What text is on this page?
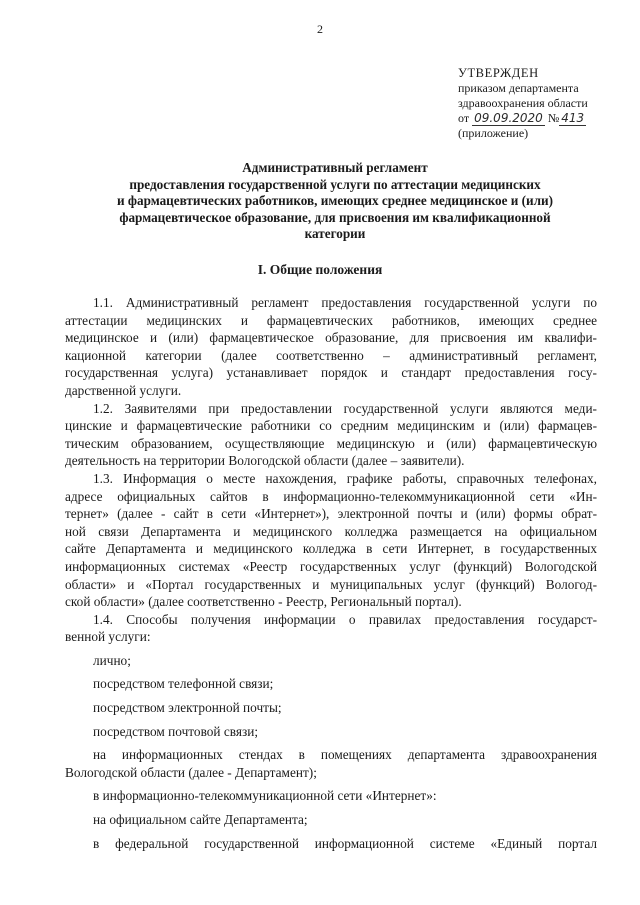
2
УТВЕРЖДЕН
приказом департамента
здравоохранения области
от 09.09.2020 № 413
(приложение)
Административный регламент
предоставления государственной услуги по аттестации медицинских
и фармацевтических работников, имеющих среднее медицинское и (или)
фармацевтическое образование, для присвоения им квалификационной
категории
I. Общие положения
1.1. Административный регламент предоставления государственной услуги по
аттестации медицинских и фармацевтических работников, имеющих среднее
медицинское и (или) фармацевтическое образование, для присвоения им квалифи-
кационной категории (далее соответственно – административный регламент,
государственная услуга) устанавливает порядок и стандарт предоставления госу-
дарственной услуги.
1.2. Заявителями при предоставлении государственной услуги являются меди-
цинские и фармацевтические работники со средним медицинским и (или) фармацев-
тическим образованием, осуществляющие медицинскую и (или) фармацевтическую
деятельность на территории Вологодской области (далее – заявители).
1.3. Информация о месте нахождения, графике работы, справочных телефонах,
адресе официальных сайтов в информационно-телекоммуникационной сети «Ин-
тернет» (далее - сайт в сети «Интернет»), электронной почты и (или) формы обрат-
ной связи Департамента и медицинского колледжа размещается на официальном
сайте Департамента и медицинского колледжа в сети Интернет, в государственных
информационных системах «Реестр государственных услуг (функций) Вологодской
области» и «Портал государственных и муниципальных услуг (функций) Вологод-
ской области» (далее соответственно - Реестр, Региональный портал).
1.4. Способы получения информации о правилах предоставления государст-
венной услуги:
лично;
посредством телефонной связи;
посредством электронной почты;
посредством почтовой связи;
на информационных стендах в помещениях департамента здравоохранения
Вологодской области (далее - Департамент);
в информационно-телекоммуникационной сети «Интернет»:
на официальном сайте Департамента;
в федеральной государственной информационной системе «Единый портал
